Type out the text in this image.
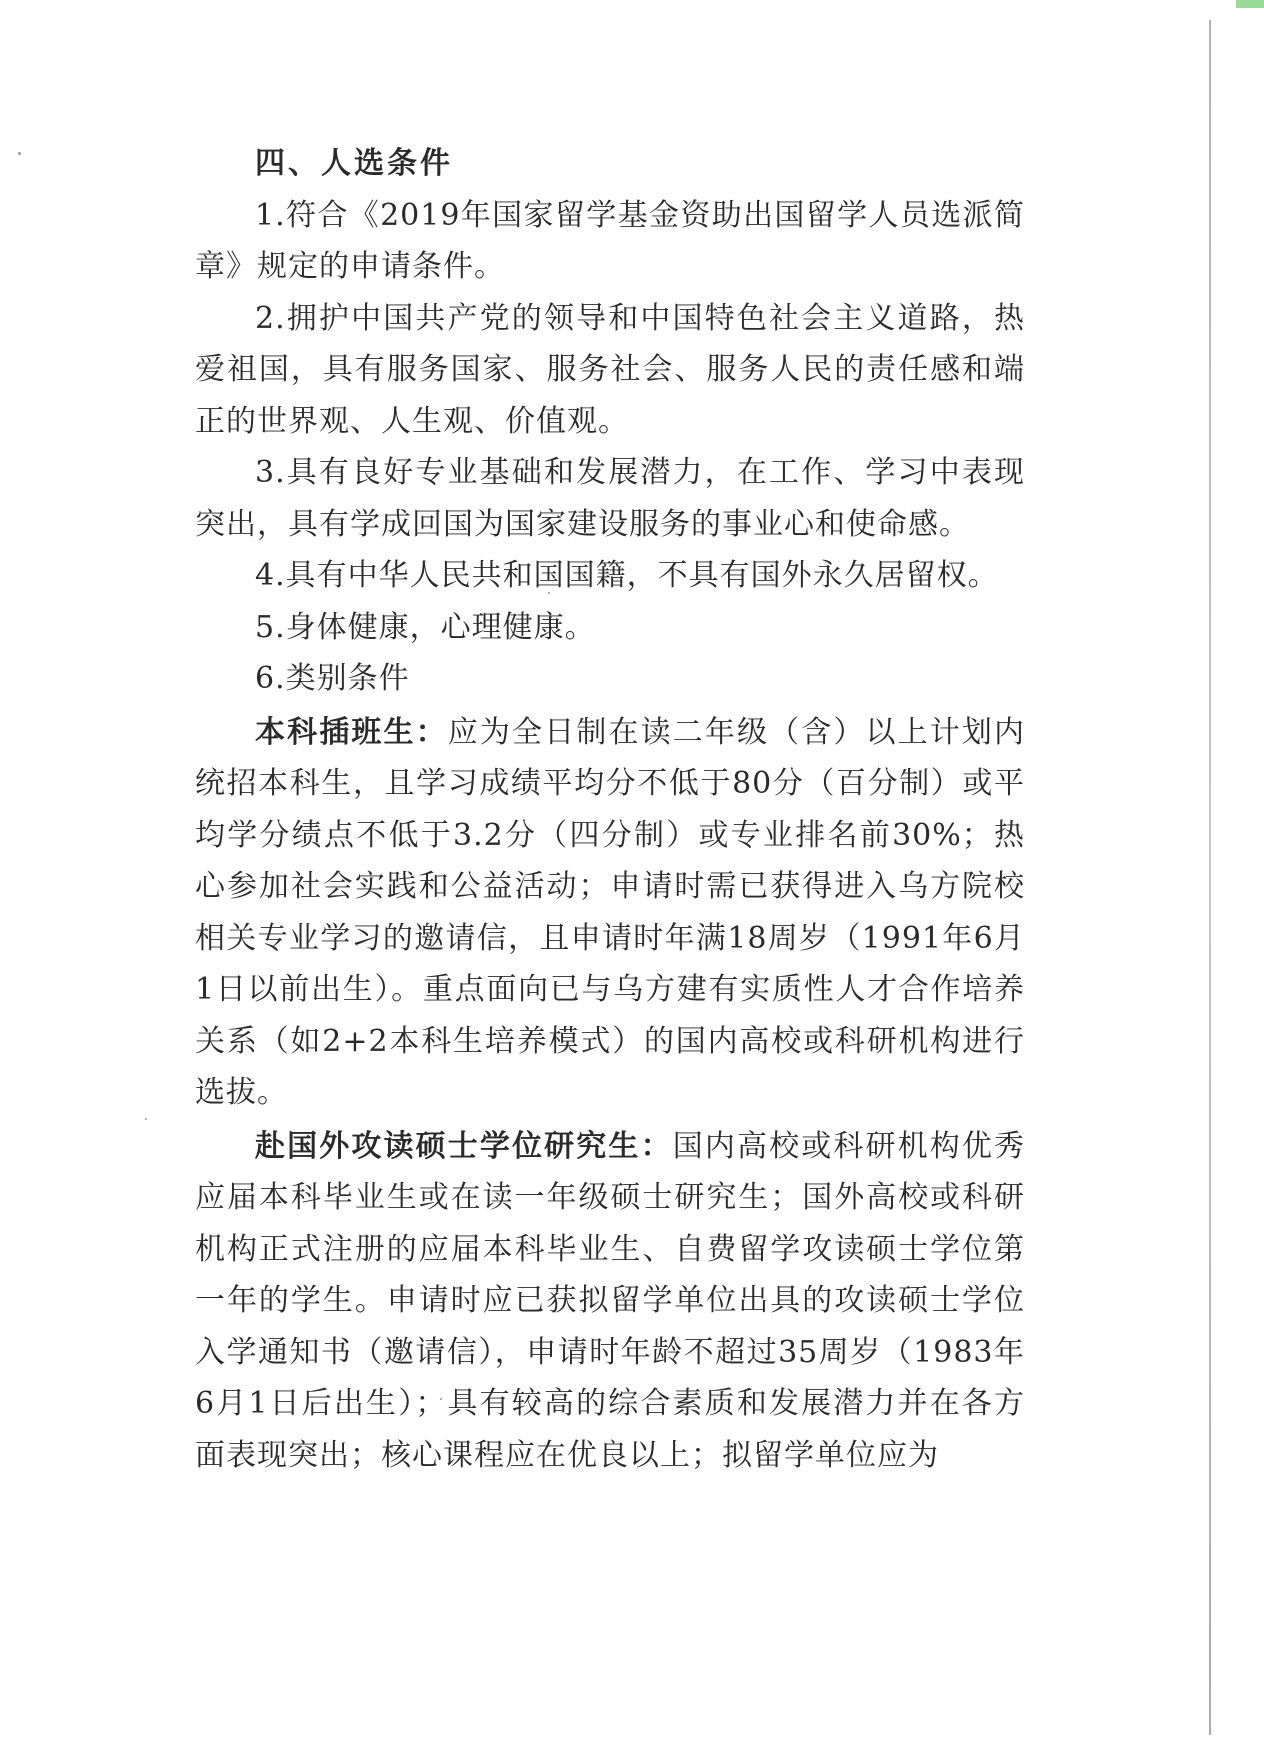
四、人选条件

1.符合《2019年国家留学基金资助出国留学人员选派简章》规定的申请条件。

2.拥护中国共产党的领导和中国特色社会主义道路，热爱祖国，具有服务国家、服务社会、服务人民的责任感和端正的世界观、人生观、价值观。

3.具有良好专业基础和发展潜力，在工作、学习中表现突出，具有学成回国为国家建设服务的事业心和使命感。

4.具有中华人民共和国国籍，不具有国外永久居留权。

5.身体健康，心理健康。

6.类别条件

本科插班生：应为全日制在读二年级（含）以上计划内统招本科生，且学习成绩平均分不低于80分（百分制）或平均学分绩点不低于3.2分（四分制）或专业排名前30%；热心参加社会实践和公益活动；申请时需已获得进入乌方院校相关专业学习的邀请信，且申请时年满18周岁（1991年6月1日以前出生）。重点面向已与乌方建有实质性人才合作培养关系（如2+2本科生培养模式）的国内高校或科研机构进行选拔。

赴国外攻读硕士学位研究生：国内高校或科研机构优秀应届本科毕业生或在读一年级硕士研究生；国外高校或科研机构正式注册的应届本科毕业生、自费留学攻读硕士学位第一年的学生。申请时应已获拟留学单位出具的攻读硕士学位入学通知书（邀请信），申请时年龄不超过35周岁（1983年6月1日后出生）；具有较高的综合素质和发展潜力并在各方面表现突出；核心课程应在优良以上；拟留学单位应为
